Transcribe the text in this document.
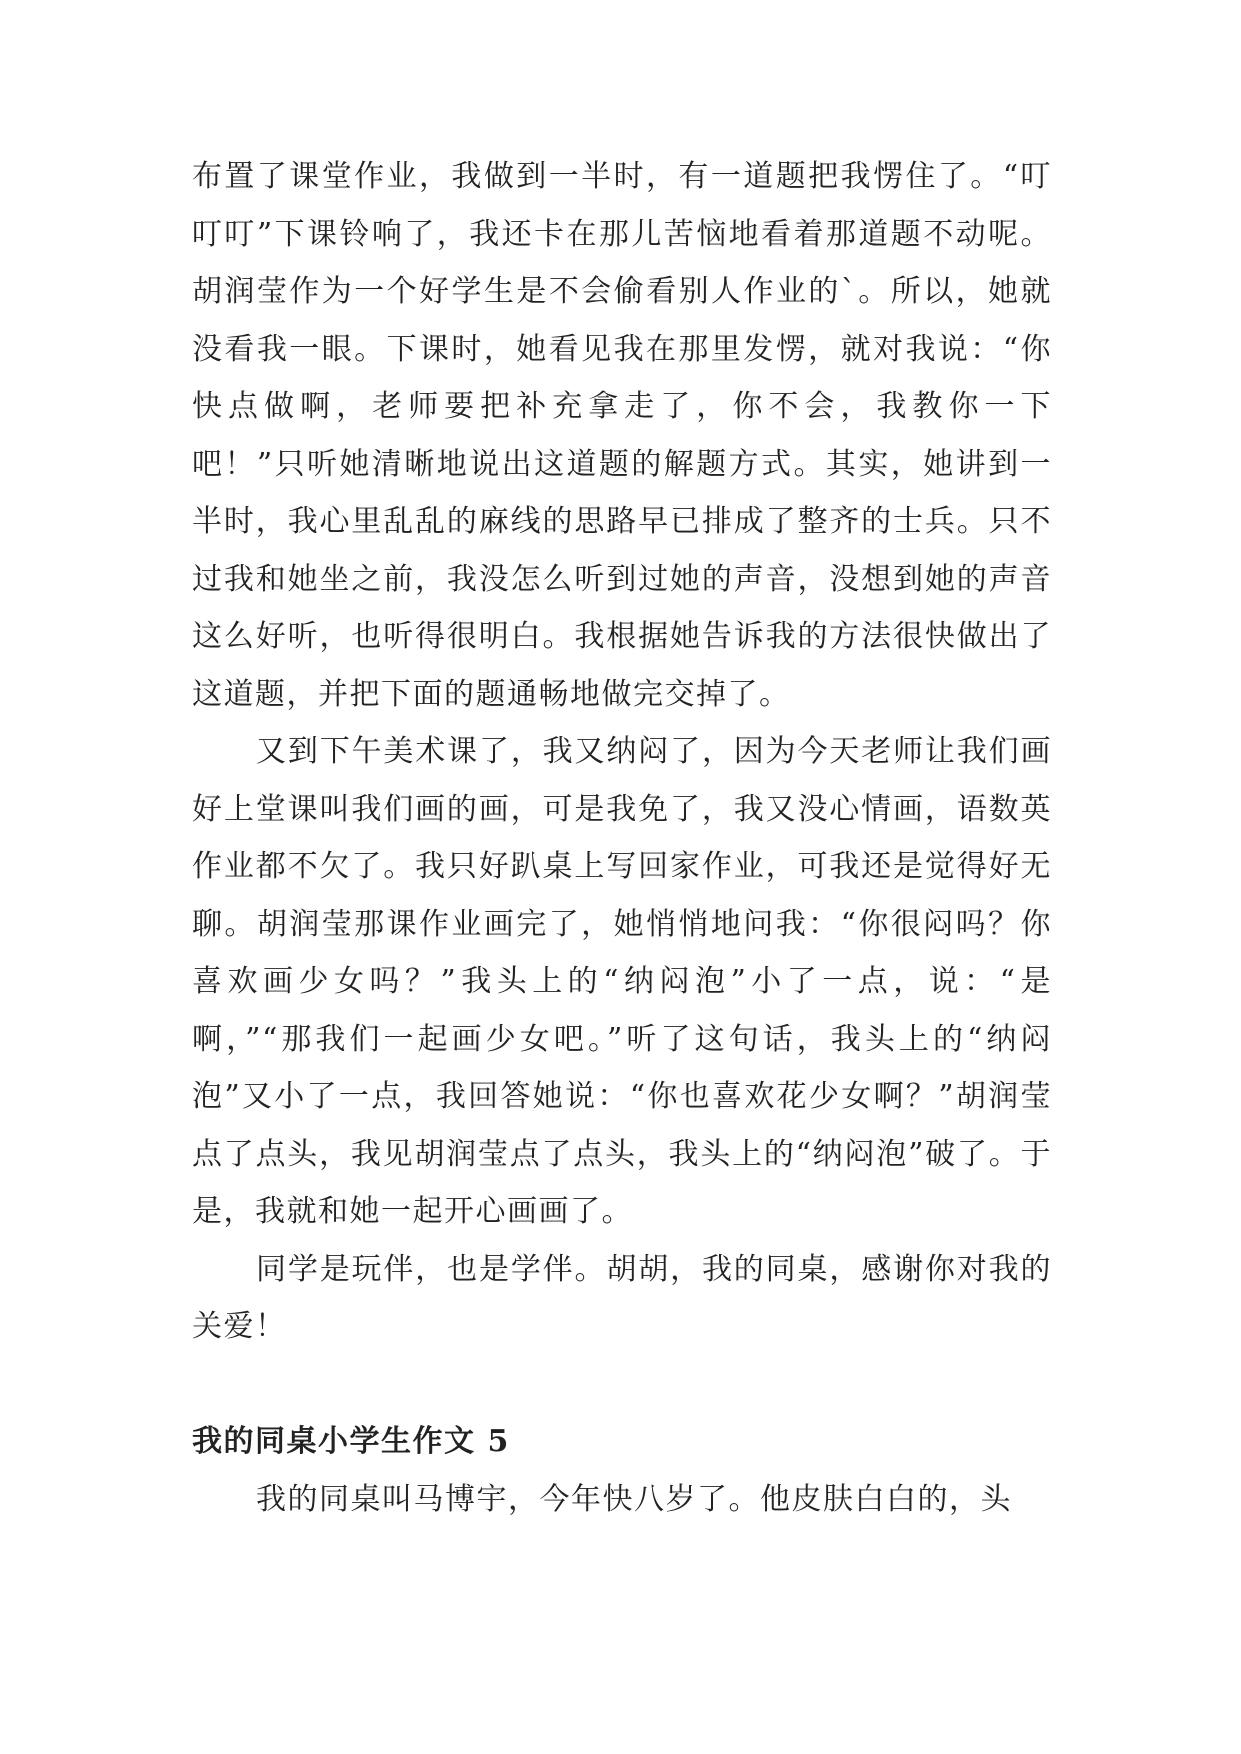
布置了课堂作业，我做到一半时，有一道题把我愣住了。“叮叮叮”下课铃响了，我还卡在那儿苦恼地看着那道题不动呢。胡润莹作为一个好学生是不会偷看别人作业的`。所以，她就没看我一眼。下课时，她看见我在那里发愣，就对我说：“你快点做啊，老师要把补充拿走了，你不会，我教你一下吧！”只听她清晰地说出这道题的解题方式。其实，她讲到一半时，我心里乱乱的麻线的思路早已排成了整齐的士兵。只不过我和她坐之前，我没怎么听到过她的声音，没想到她的声音这么好听，也听得很明白。我根据她告诉我的方法很快做出了这道题，并把下面的题通畅地做完交掉了。

又到下午美术课了，我又纳闷了，因为今天老师让我们画好上堂课叫我们画的画，可是我免了，我又没心情画，语数英作业都不欠了。我只好趴桌上写回家作业，可我还是觉得好无聊。胡润莹那课作业画完了，她悄悄地问我：“你很闷吗？你喜欢画少女吗？”我头上的“纳闷泡”小了一点，说：“是啊，”“那我们一起画少女吧。”听了这句话，我头上的“纳闷泡”又小了一点，我回答她说：“你也喜欢花少女啊？”胡润莹点了点头，我见胡润莹点了点头，我头上的“纳闷泡”破了。于是，我就和她一起开心画画了。

同学是玩伴，也是学伴。胡胡，我的同桌，感谢你对我的关爱！

我的同桌小学生作文 5

我的同桌叫马博宇，今年快八岁了。他皮肤白白的，头
